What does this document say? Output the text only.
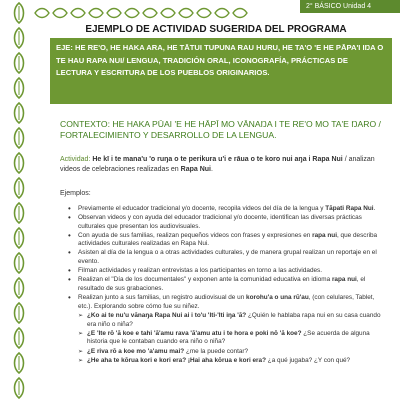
2° BÁSICO Unidad 4
EJEMPLO DE ACTIVIDAD SUGERIDA DEL PROGRAMA
EJE: HE RE'O, HE HAKA ARA, HE TĀTUI TUPUNA RAU HURU, HE TA'O 'E HE PĀPA'I IŊA O TE HAU RAPA NUI/ LENGUA, TRADICIÓN ORAL, ICONOGRAFÍA, PRÁCTICAS DE LECTURA Y ESCRITURA DE LOS PUEBLOS ORIGINARIOS.
CONTEXTO: HE HAKA PŪAI 'E HE HĀPĪ MO VĀNAŊA I TE RE'O MO TA'E ŊARO / FORTALECIMIENTO Y DESARROLLO DE LA LENGUA.
Actividad: He kī i te mana'u 'o ruŋa o te perikura u'i e rāua o te koro nui aŋa i Rapa Nui / analizan videos de celebraciones realizadas en Rapa Nui.
Ejemplos:
• Previamente el educador tradicional y/o docente, recopila videos del día de la lengua y Tāpati Rapa Nui.
• Observan videos y con ayuda del educador tradicional y/o docente, identifican las diversas prácticas culturales que presentan los audiovisuales.
• Con ayuda de sus familias, realizan pequeños videos con frases y expresiones en rapa nui, que describa actividades culturales realizadas en Rapa Nui.
• Asisten al día de la lengua o a otras actividades culturales, y de manera grupal realizan un reportaje en el evento.
• Filman actividades y realizan entrevistas a los participantes en torno a las actividades.
• Realizan el "Día de los documentales" y exponen ante la comunidad educativa en idioma rapa nui, el resultado de sus grabaciones.
• Realizan junto a sus familias, un registro audiovisual de un korohu'a o una rū'au, (con celulares, Tablet, etc.). Explorando sobre cómo fue su niñez.
➢ ¿Ko ai te nu'u vānaŋa Rapa Nui ai i to'u 'Iti-'Iti iŋa 'ā? ¿Quién le hablaba rapa nui en su casa cuando era niño o niña?
➢ ¿E 'Ite rō 'ā koe e tahi 'ā'amu rava 'ā'amu atu i te hora e poki nō 'ā koe? ¿Se acuerda de alguna historia que le contaban cuando era niño o niña?
➢ ¿E riva rō a koe mo 'a'amu mai? ¿me la puede contar?
➢ ¿He aha te kōrua kori e kori era? ¡Hai aha kōrua e kori era? ¿a qué jugaba? ¿Y con qué?
